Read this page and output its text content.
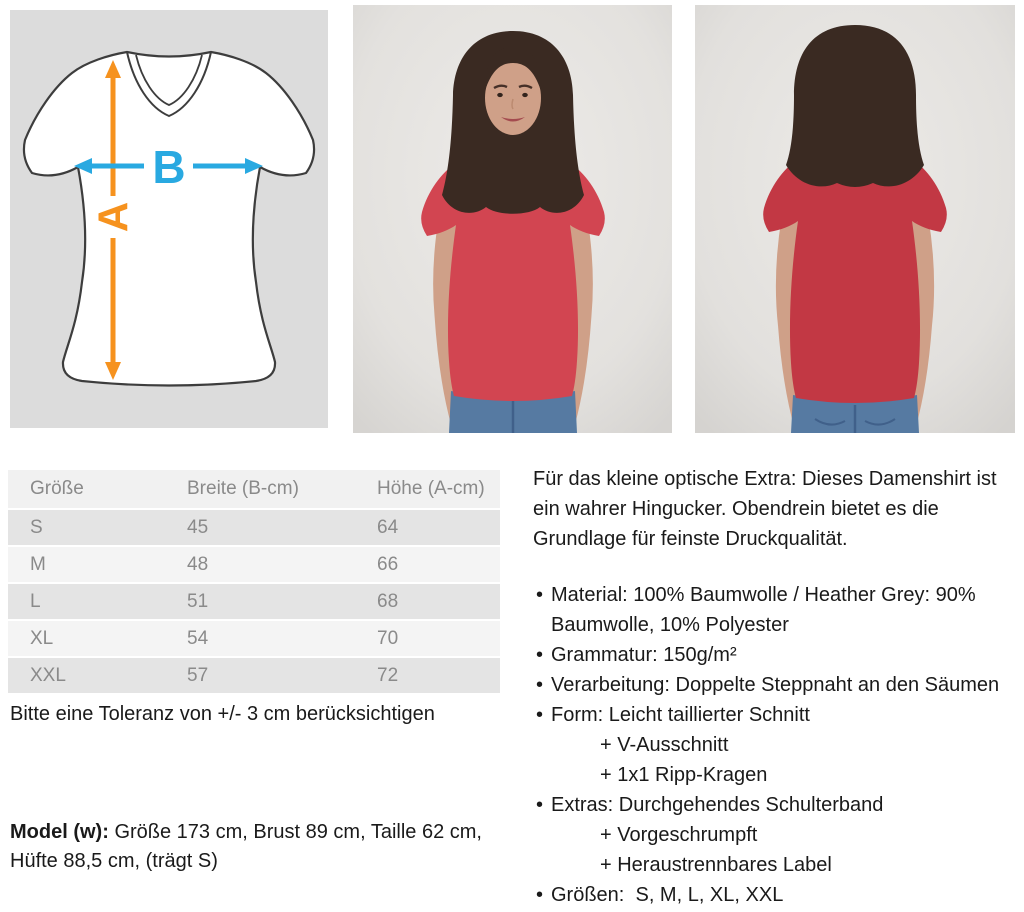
A
B
Größe	Breite (B-cm)	Höhe (A-cm)
S	45	64
M	48	66
L	51	68
XL	54	70
XXL	57	72
Bitte eine Toleranz von +/- 3 cm berücksichtigen
Model (w): Größe 173 cm, Brust 89 cm, Taille 62 cm, Hüfte 88,5 cm, (trägt S)

Für das kleine optische Extra: Dieses Damenshirt ist ein wahrer Hingucker. Obendrein bietet es die Grundlage für feinste Druckqualität.

• Material: 100% Baumwolle / Heather Grey: 90% Baumwolle, 10% Polyester
• Grammatur: 150g/m²
• Verarbeitung: Doppelte Steppnaht an den Säumen
• Form: Leicht taillierter Schnitt
+ V-Ausschnitt
+ 1x1 Ripp-Kragen
• Extras: Durchgehendes Schulterband
+ Vorgeschrumpft
+ Heraustrennbares Label
• Größen:  S, M, L, XL, XXL
